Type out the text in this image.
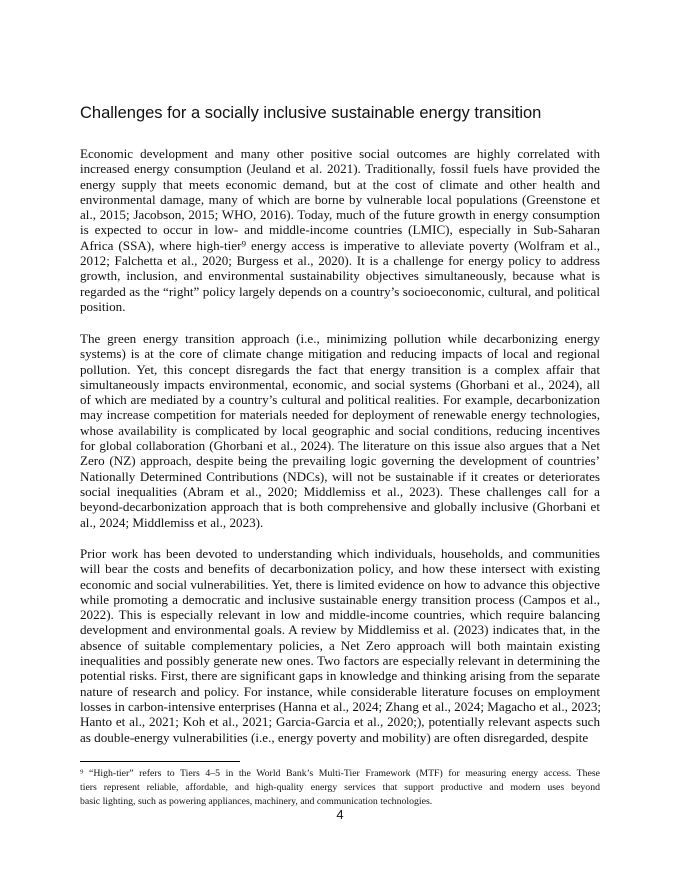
Challenges for a socially inclusive sustainable energy transition
Economic development and many other positive social outcomes are highly correlated with
increased energy consumption (Jeuland et al. 2021). Traditionally, fossil fuels have provided the
energy supply that meets economic demand, but at the cost of climate and other health and
environmental damage, many of which are borne by vulnerable local populations (Greenstone et
al., 2015; Jacobson, 2015; WHO, 2016). Today, much of the future growth in energy consumption
is expected to occur in low- and middle-income countries (LMIC), especially in Sub-Saharan
Africa (SSA), where high-tier⁹ energy access is imperative to alleviate poverty (Wolfram et al.,
2012; Falchetta et al., 2020; Burgess et al., 2020). It is a challenge for energy policy to address
growth, inclusion, and environmental sustainability objectives simultaneously, because what is
regarded as the “right” policy largely depends on a country’s socioeconomic, cultural, and political
position.
The green energy transition approach (i.e., minimizing pollution while decarbonizing energy
systems) is at the core of climate change mitigation and reducing impacts of local and regional
pollution. Yet, this concept disregards the fact that energy transition is a complex affair that
simultaneously impacts environmental, economic, and social systems (Ghorbani et al., 2024), all
of which are mediated by a country’s cultural and political realities. For example, decarbonization
may increase competition for materials needed for deployment of renewable energy technologies,
whose availability is complicated by local geographic and social conditions, reducing incentives
for global collaboration (Ghorbani et al., 2024). The literature on this issue also argues that a Net
Zero (NZ) approach, despite being the prevailing logic governing the development of countries’
Nationally Determined Contributions (NDCs), will not be sustainable if it creates or deteriorates
social inequalities (Abram et al., 2020; Middlemiss et al., 2023). These challenges call for a
beyond-decarbonization approach that is both comprehensive and globally inclusive (Ghorbani et
al., 2024; Middlemiss et al., 2023).
Prior work has been devoted to understanding which individuals, households, and communities
will bear the costs and benefits of decarbonization policy, and how these intersect with existing
economic and social vulnerabilities. Yet, there is limited evidence on how to advance this objective
while promoting a democratic and inclusive sustainable energy transition process (Campos et al.,
2022). This is especially relevant in low and middle-income countries, which require balancing
development and environmental goals. A review by Middlemiss et al. (2023) indicates that, in the
absence of suitable complementary policies, a Net Zero approach will both maintain existing
inequalities and possibly generate new ones. Two factors are especially relevant in determining the
potential risks. First, there are significant gaps in knowledge and thinking arising from the separate
nature of research and policy. For instance, while considerable literature focuses on employment
losses in carbon-intensive enterprises (Hanna et al., 2024; Zhang et al., 2024; Magacho et al., 2023;
Hanto et al., 2021; Koh et al., 2021; Garcia-Garcia et al., 2020;), potentially relevant aspects such
as double-energy vulnerabilities (i.e., energy poverty and mobility) are often disregarded, despite
⁹ “High-tier” refers to Tiers 4–5 in the World Bank’s Multi-Tier Framework (MTF) for measuring energy access. These
tiers represent reliable, affordable, and high-quality energy services that support productive and modern uses beyond
basic lighting, such as powering appliances, machinery, and communication technologies.
4
